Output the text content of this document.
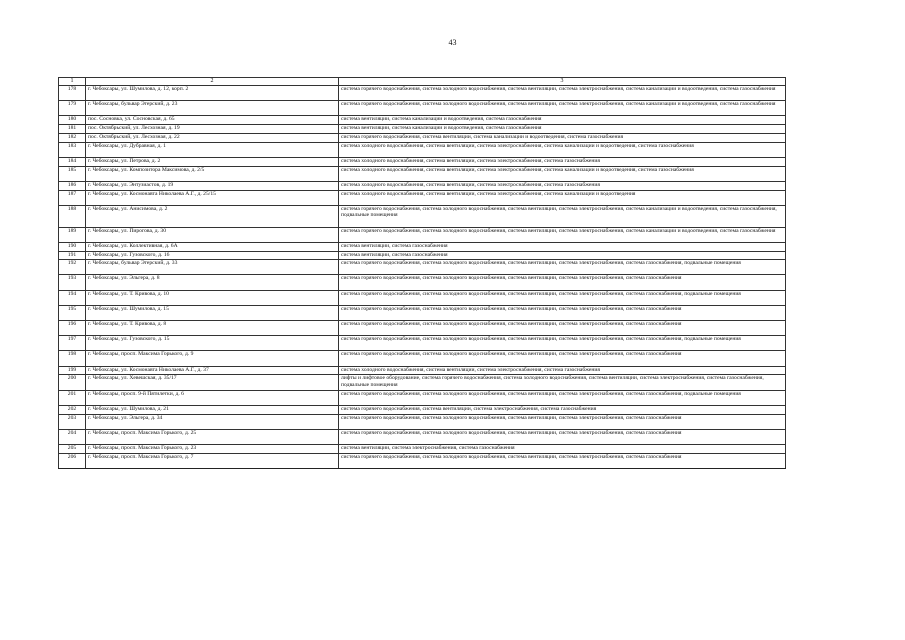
43
1	2	3
178	г. Чебоксары, ул. Шумилова, д. 12, корп. 2	система горячего водоснабжения, система холодного водоснабжения, система вентиляции, система электроснабжения, система канализации и водоотведения, система газоснабжения
179	г. Чебоксары, бульвар Эгерский, д. 23	система горячего водоснабжения, система холодного водоснабжения, система вентиляции, система электроснабжения, система канализации и водоотведения, система газоснабжения
180	пос. Сосновка, ул. Сосновская, д. 65	система вентиляции, система канализации и водоотведения, система газоснабжения
181	пос. Октябрьский, ул. Лесхозная, д. 19	система вентиляции, система канализации и водоотведения, система газоснабжения
182	пос. Октябрьский, ул. Лесхозная, д. 22	система горячего водоснабжения, система вентиляции, система канализации и водоотведения, система газоснабжения
183	г. Чебоксары, ул. Дубравная, д. 1	система холодного водоснабжения, система вентиляции, система электроснабжения, система канализации и водоотведения, система газоснабжения
184	г. Чебоксары, ул. Петрова, д. 2	система холодного водоснабжения, система вентиляции, система электроснабжения, система газоснабжения
185	г. Чебоксары, ул. Композитора Максимова, д. 2/5	система холодного водоснабжения, система вентиляции, система электроснабжения, система канализации и водоотведения, система газоснабжения
186	г. Чебоксары, ул. Энтузиастов, д. 19	система холодного водоснабжения, система вентиляции, система электроснабжения, система газоснабжения
187	г. Чебоксары, ул. Космонавта Николаева А.Г., д. 25/15	система холодного водоснабжения, система вентиляции, система электроснабжения, система канализации и водоотведения
188	г. Чебоксары, ул. Анисимова, д. 2	система горячего водоснабжения, система холодного водоснабжения, система вентиляции, система электроснабжения, система канализации и водоотведения, система газоснабжения, подвальные помещения
189	г. Чебоксары, ул. Пирогова, д. 30	система горячего водоснабжения, система холодного водоснабжения, система вентиляции, система электроснабжения, система канализации и водоотведения, система газоснабжения
190	г. Чебоксары, ул. Коллективная, д. 6А	система вентиляции, система газоснабжения
191	г. Чебоксары, ул. Гузовского, д. 16	система вентиляции, система газоснабжения
192	г. Чебоксары, бульвар Эгерский, д. 33	система горячего водоснабжения, система холодного водоснабжения, система вентиляции, система электроснабжения, система газоснабжения, подвальные помещения
193	г. Чебоксары, ул. Эльгера, д. 8	система горячего водоснабжения, система холодного водоснабжения, система вентиляции, система электроснабжения, система газоснабжения
194	г. Чебоксары, ул. Т. Кривова, д. 10	система горячего водоснабжения, система холодного водоснабжения, система вентиляции, система электроснабжения, система газоснабжения, подвальные помещения
195	г. Чебоксары, ул. Шумилова, д. 15	система горячего водоснабжения, система холодного водоснабжения, система вентиляции, система электроснабжения, система газоснабжения
196	г. Чебоксары, ул. Т. Кривова, д. 8	система горячего водоснабжения, система холодного водоснабжения, система вентиляции, система электроснабжения, система газоснабжения
197	г. Чебоксары, ул. Гузовского, д. 15	система горячего водоснабжения, система холодного водоснабжения, система вентиляции, система электроснабжения, система газоснабжения, подвальные помещения
198	г. Чебоксары, просп. Максима Горького, д. 9	система горячего водоснабжения, система холодного водоснабжения, система вентиляции, система электроснабжения, система газоснабжения
199	г. Чебоксары, ул. Космонавта Николаева А.Г., д. 37	система холодного водоснабжения, система вентиляции, система электроснабжения, система газоснабжения
200	г. Чебоксары, ул. Хевешская, д. 35/17	лифты и лифтовое оборудование, система горячего водоснабжения, система холодного водоснабжения, система вентиляции, система электроснабжения, система газоснабжения, подвальные помещения
201	г. Чебоксары, просп. 9-й Пятилетки, д. 6	система горячего водоснабжения, система холодного водоснабжения, система вентиляции, система электроснабжения, система газоснабжения, подвальные помещения
202	г. Чебоксары, ул. Шумилова, д. 21	система горячего водоснабжения, система вентиляции, система электроснабжения, система газоснабжения
203	г. Чебоксары, ул. Эльгера, д. 34	система горячего водоснабжения, система холодного водоснабжения, система вентиляции, система электроснабжения, система газоснабжения
204	г. Чебоксары, просп. Максима Горького, д. 25	система горячего водоснабжения, система холодного водоснабжения, система вентиляции, система электроснабжения, система газоснабжения
205	г. Чебоксары, просп. Максима Горького, д. 23	система вентиляции, система электроснабжения, система газоснабжения
206	г. Чебоксары, просп. Максима Горького, д. 7	система горячего водоснабжения, система холодного водоснабжения, система вентиляции, система электроснабжения, система газоснабжения
